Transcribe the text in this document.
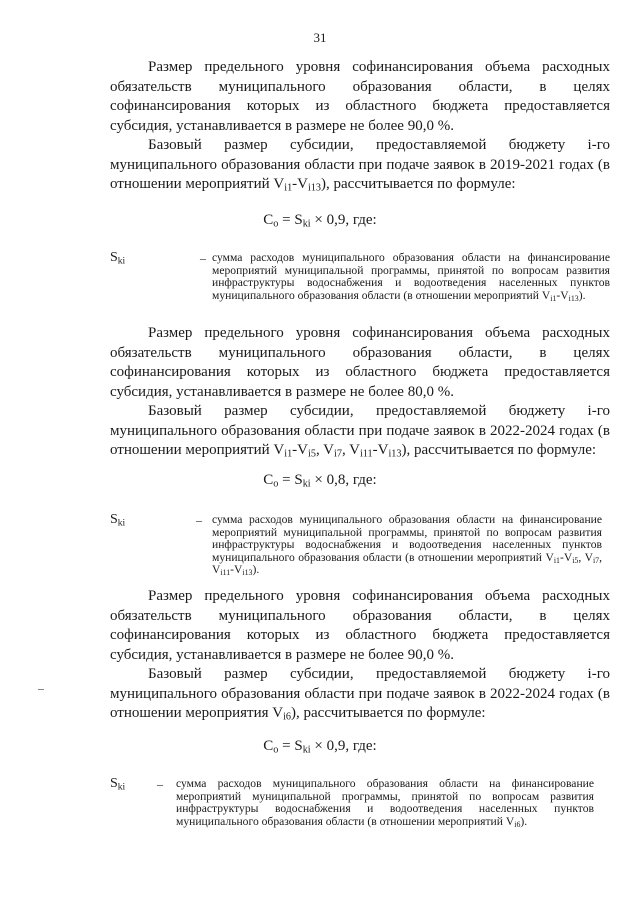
31

Размер предельного уровня софинансирования объема расходных обязательств муниципального образования области, в целях софинансирования которых из областного бюджета предоставляется субсидия, устанавливается в размере не более 90,0 %.

Базовый размер субсидии, предоставляемой бюджету i-го муниципального образования области при подаче заявок в 2019-2021 годах (в отношении мероприятий $V_{i1}-V_{i13}$), рассчитывается по формуле:

$C_o = S_{ki} \times 0,9$, где:
$S_{ki}$	– сумма расходов муниципального образования области на финансирование мероприятий муниципальной программы, принятой по вопросам развития инфраструктуры водоснабжения и водоотведения населенных пунктов муниципального образования области (в отношении мероприятий $V_{i1}-V_{i13}$).

Размер предельного уровня софинансирования объема расходных обязательств муниципального образования области, в целях софинансирования которых из областного бюджета предоставляется субсидия, устанавливается в размере не более 80,0 %.

Базовый размер субсидии, предоставляемой бюджету i-го муниципального образования области при подаче заявок в 2022-2024 годах (в отношении мероприятий $V_{i1}-V_{i5}$, $V_{i7}$, $V_{i11}-V_{i13}$), рассчитывается по формуле:

$C_o = S_{ki} \times 0,8$, где:
$S_{ki}$	– сумма расходов муниципального образования области на финансирование мероприятий муниципальной программы, принятой по вопросам развития инфраструктуры водоснабжения и водоотведения населенных пунктов муниципального образования области (в отношении мероприятий $V_{i1}-V_{i5}$, $V_{i7}$, $V_{i11}-V_{i13}$).

Размер предельного уровня софинансирования объема расходных обязательств муниципального образования области, в целях софинансирования которых из областного бюджета предоставляется субсидия, устанавливается в размере не более 90,0 %.

Базовый размер субсидии, предоставляемой бюджету i-го муниципального образования области при подаче заявок в 2022-2024 годах (в отношении мероприятия $V_{i6}$), рассчитывается по формуле:

$C_o = S_{ki} \times 0,9$, где:
$S_{ki}$	– сумма расходов муниципального образования области на финансирование мероприятий муниципальной программы, принятой по вопросам развития инфраструктуры водоснабжения и водоотведения населенных пунктов муниципального образования области (в отношении мероприятий $V_{i6}$).
